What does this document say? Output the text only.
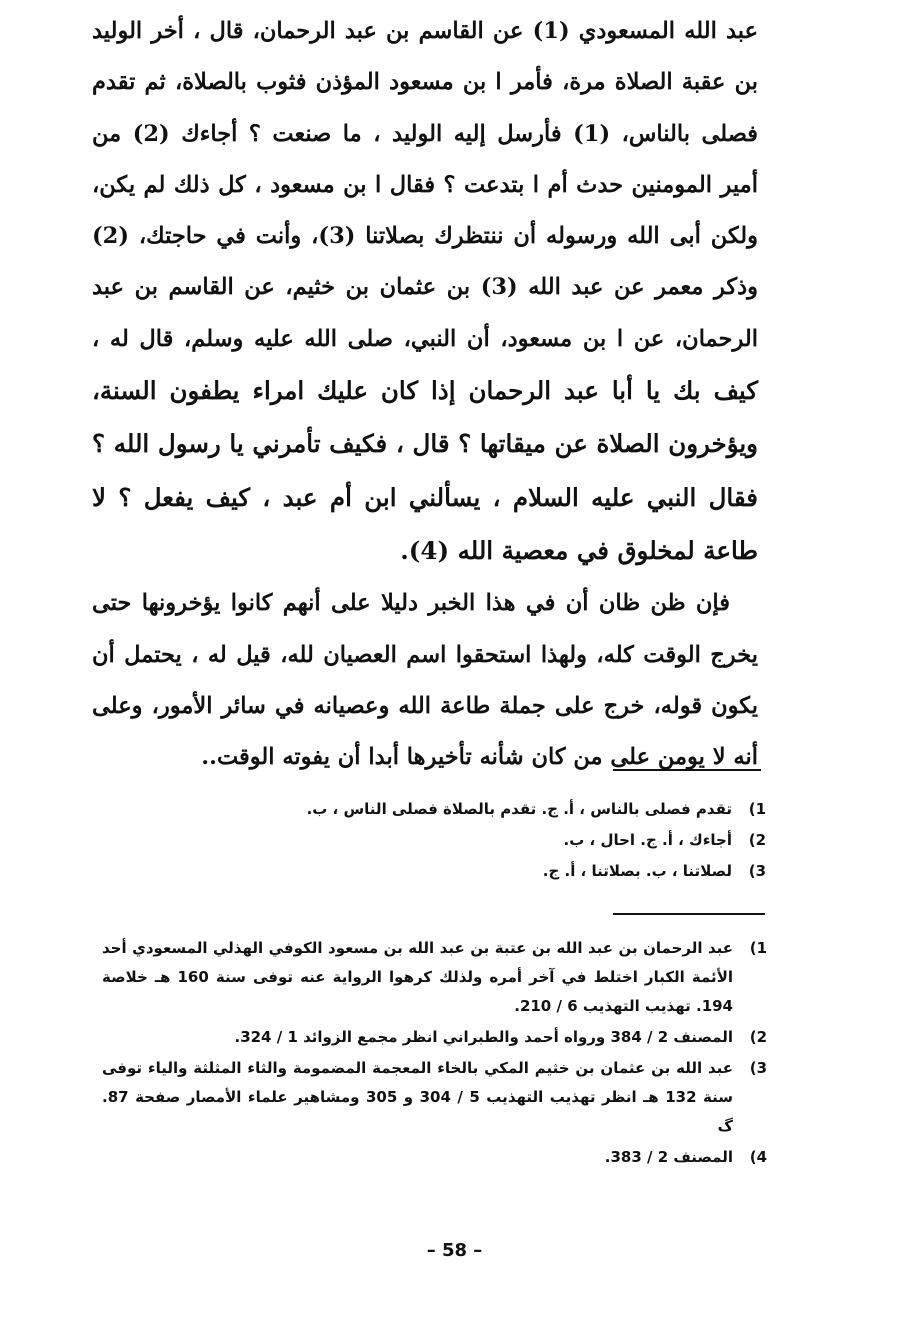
عبد الله المسعودي (1) عن القاسم بن عبد الرحمان، قال ، أخر الوليد بن عقبة الصلاة مرة، فأمر ا بن مسعود المؤذن فثوب بالصلاة، ثم تقدم فصلى بالناس، (1) فأرسل إليه الوليد ، ما صنعت ؟ أجاءك (2) من أمير المومنين حدث أم ا بتدعت ؟ فقال ا بن مسعود ، كل ذلك لم يكن، ولكن أبى الله ورسوله أن ننتظرك بصلاتنا (3)، وأنت في حاجتك، (2) وذكر معمر عن عبد الله (3) بن عثمان بن خثيم، عن القاسم بن عبد الرحمان، عن ا بن مسعود، أن النبي، صلى الله عليه وسلم، قال له ، كيف بك يا أبا عبد الرحمان إذا كان عليك امراء يطفون السنة، ويؤخرون الصلاة عن ميقاتها ؟ قال ، فكيف تأمرني يا رسول الله ؟ فقال النبي عليه السلام ، يسألني ابن أم عبد ، كيف يفعل ؟ لا طاعة لمخلوق في معصية الله (4).

فإن ظن ظان أن في هذا الخبر دليلا على أنهم كانوا يؤخرونها حتى يخرج الوقت كله، ولهذا استحقوا اسم العصيان لله، قيل له ، يحتمل أن يكون قوله، خرج على جملة طاعة الله وعصيانه في سائر الأمور، وعلى أنه لا يومن على من كان شأنه تأخيرها أبدا أن يفوته الوقت..

1)
تقدم فصلى بالناس ، أ. ج. تقدم بالصلاة فصلى الناس ، ب.
2)
أجاءك ، أ. ج. احال ، ب.
3)
لصلاتنا ، ب. بصلاتنا ، أ. ج.
1)
عبد الرحمان بن عبد الله بن عتبة بن عبد الله بن مسعود الكوفي الهذلي المسعودي أحد الأئمة الكبار اختلط في آخر أمره ولذلك كرهوا الرواية عنه توفى سنة 160 هـ خلاصة 194. تهذيب التهذيب 6 / 210.
2)
المصنف 2 / 384 ورواه أحمد والطبراني انظر مجمع الزوائد 1 / 324.
3)
عبد الله بن عثمان بن خثيم المكي بالخاء المعجمة المضمومة والثاء المثلثة والياء توفى سنة 132 هـ انظر تهذيب التهذيب 5 / 304 و 305 ومشاهير علماء الأمصار صفحة 87. گ
4)
المصنف 2 / 383.
– 58 –
